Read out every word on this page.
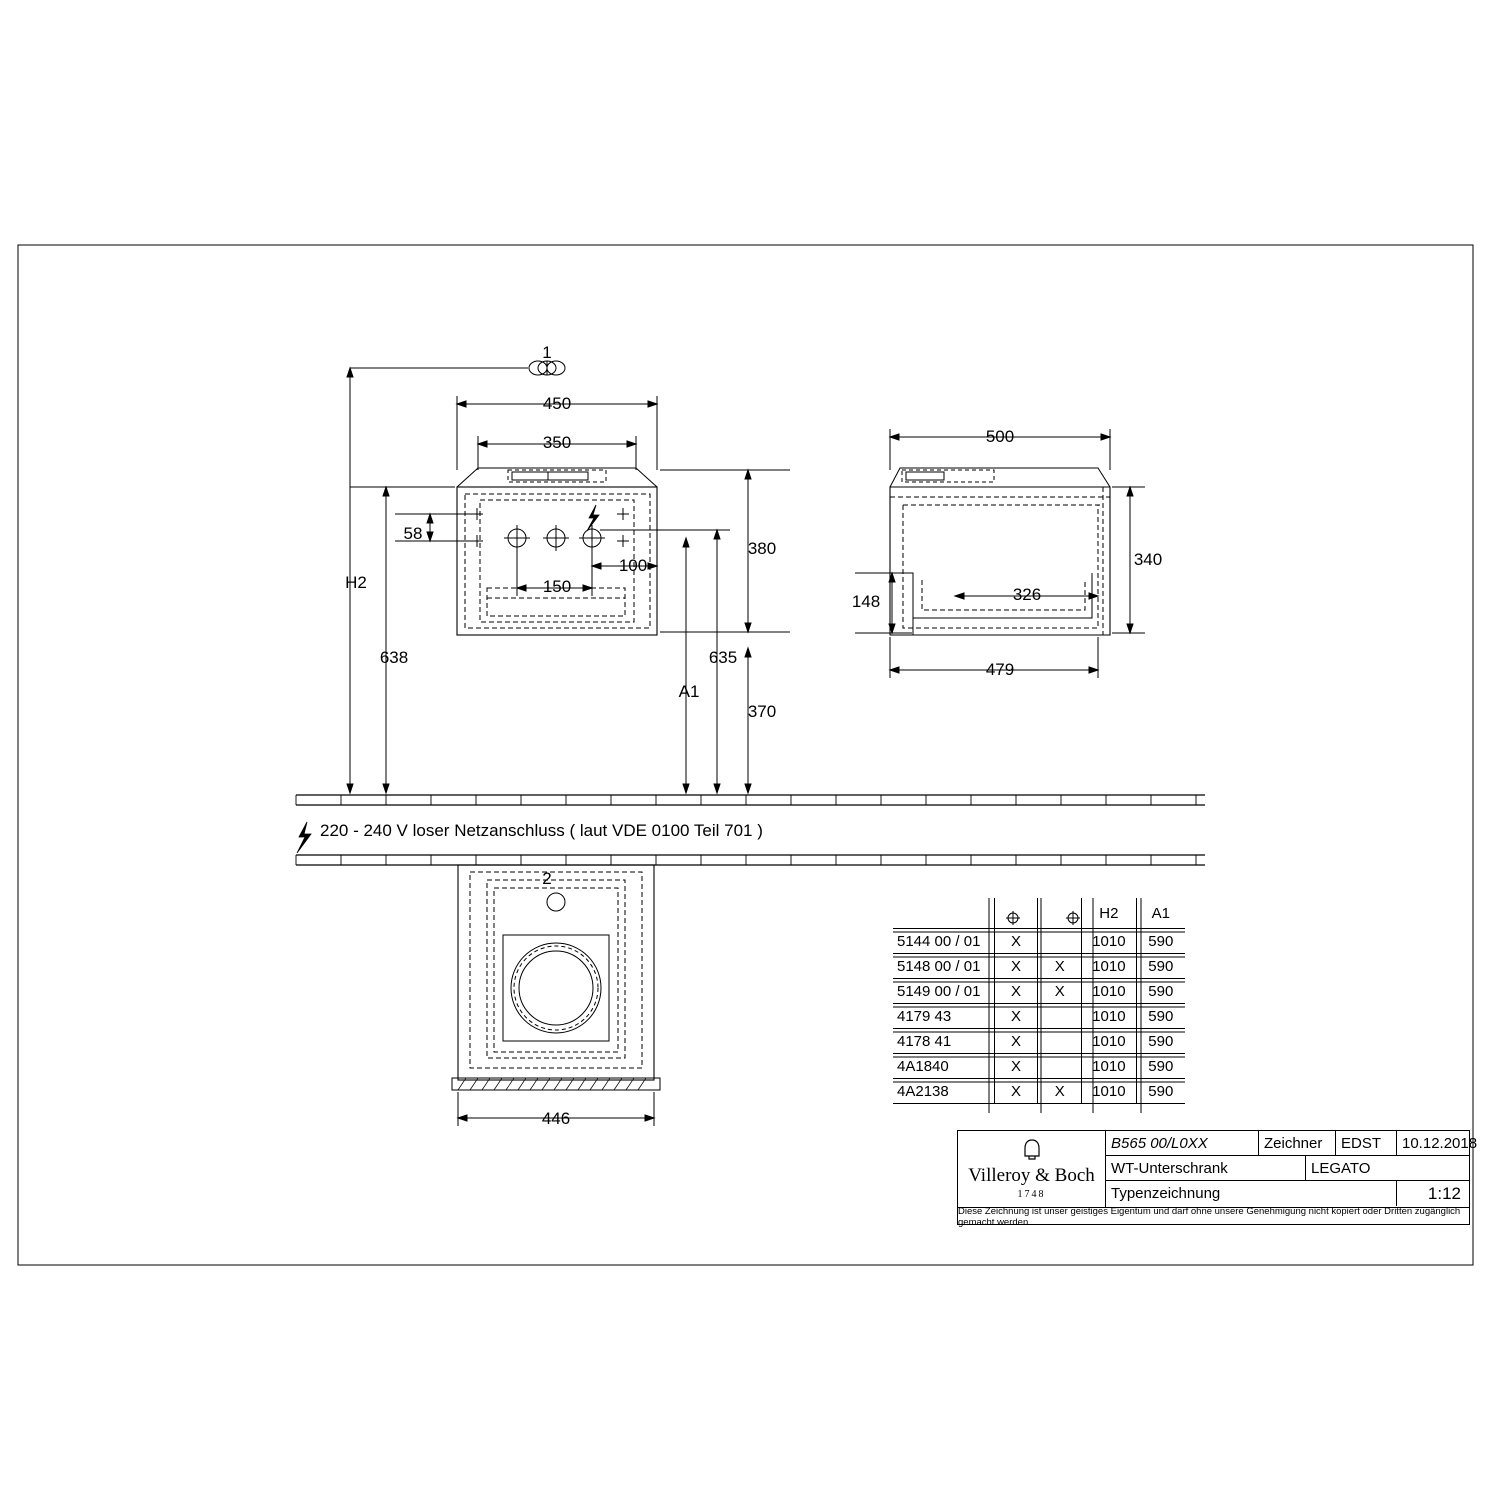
1
450
350
58
150
100
380
370
635
638
H2
A1
500
340
326
148
479
2
446
220 - 240 V loser Netzanschluss ( laut VDE 0100 Teil 701 )
			H2	A1
5144 00 / 01	X		1010	590
5148 00 / 01	X	X	1010	590
5149 00 / 01	X	X	1010	590
4179 43	X		1010	590
4178 41	X		1010	590
4A1840	X		1010	590
4A2138	X	X	1010	590
Villeroy & Boch
1748
B565 00/L0XX	Zeichner	EDST	10.12.2018
WT-Unterschrank	LEGATO
Typenzeichnung	1:12
Diese Zeichnung ist unser geistiges Eigentum und darf ohne unsere Genehmigung nicht kopiert oder Dritten zugänglich gemacht werden.
